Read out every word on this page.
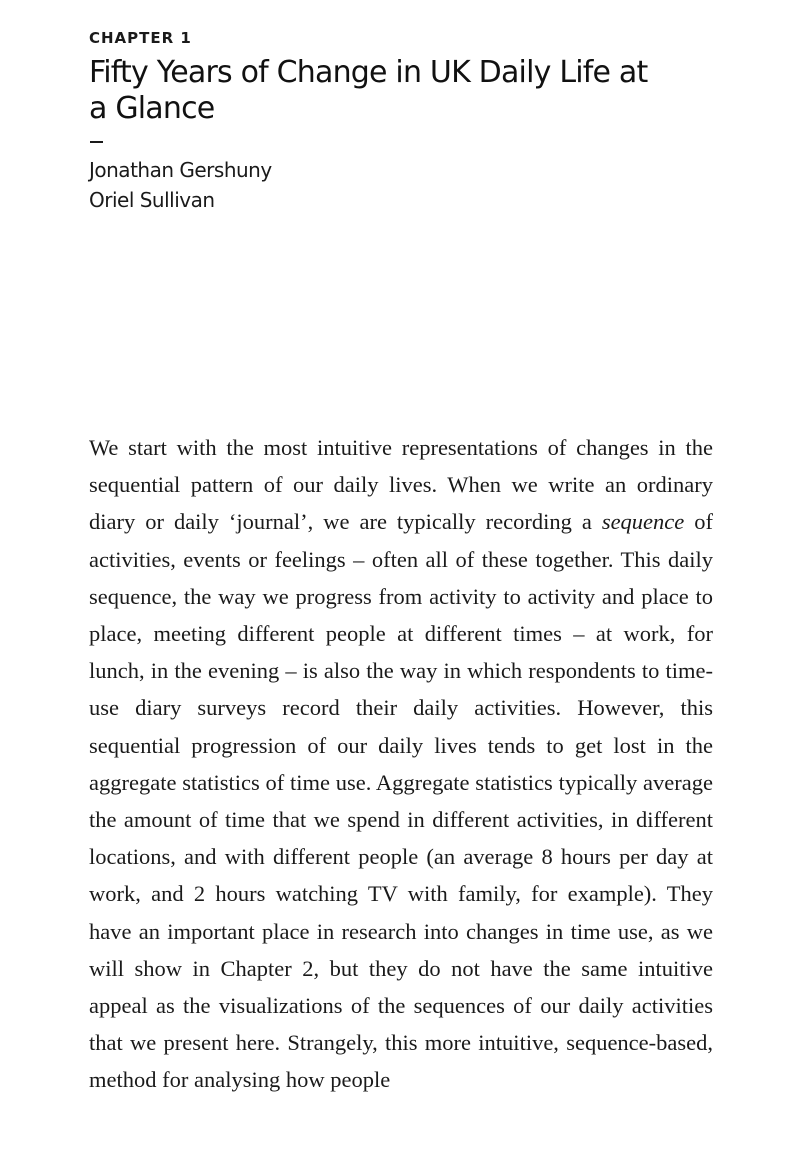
CHAPTER 1
Fifty Years of Change in UK Daily Life at a Glance
Jonathan Gershuny
Oriel Sullivan

We start with the most intuitive representations of changes in the sequential pattern of our daily lives. When we write an ordinary diary or daily ‘journal’, we are typically recording a sequence of activities, events or feelings – often all of these together. This daily sequence, the way we progress from activity to activity and place to place, meeting different people at different times – at work, for lunch, in the evening – is also the way in which respondents to time-use diary surveys record their daily activities. However, this sequential progression of our daily lives tends to get lost in the aggregate statistics of time use. Aggregate statistics typically average the amount of time that we spend in different activities, in different locations, and with different people (an average 8 hours per day at work, and 2 hours watching TV with family, for example). They have an important place in research into changes in time use, as we will show in Chapter 2, but they do not have the same intuitive appeal as the visualizations of the sequences of our daily activities that we present here. Strangely, this more intuitive, sequence-based, method for analysing how people
